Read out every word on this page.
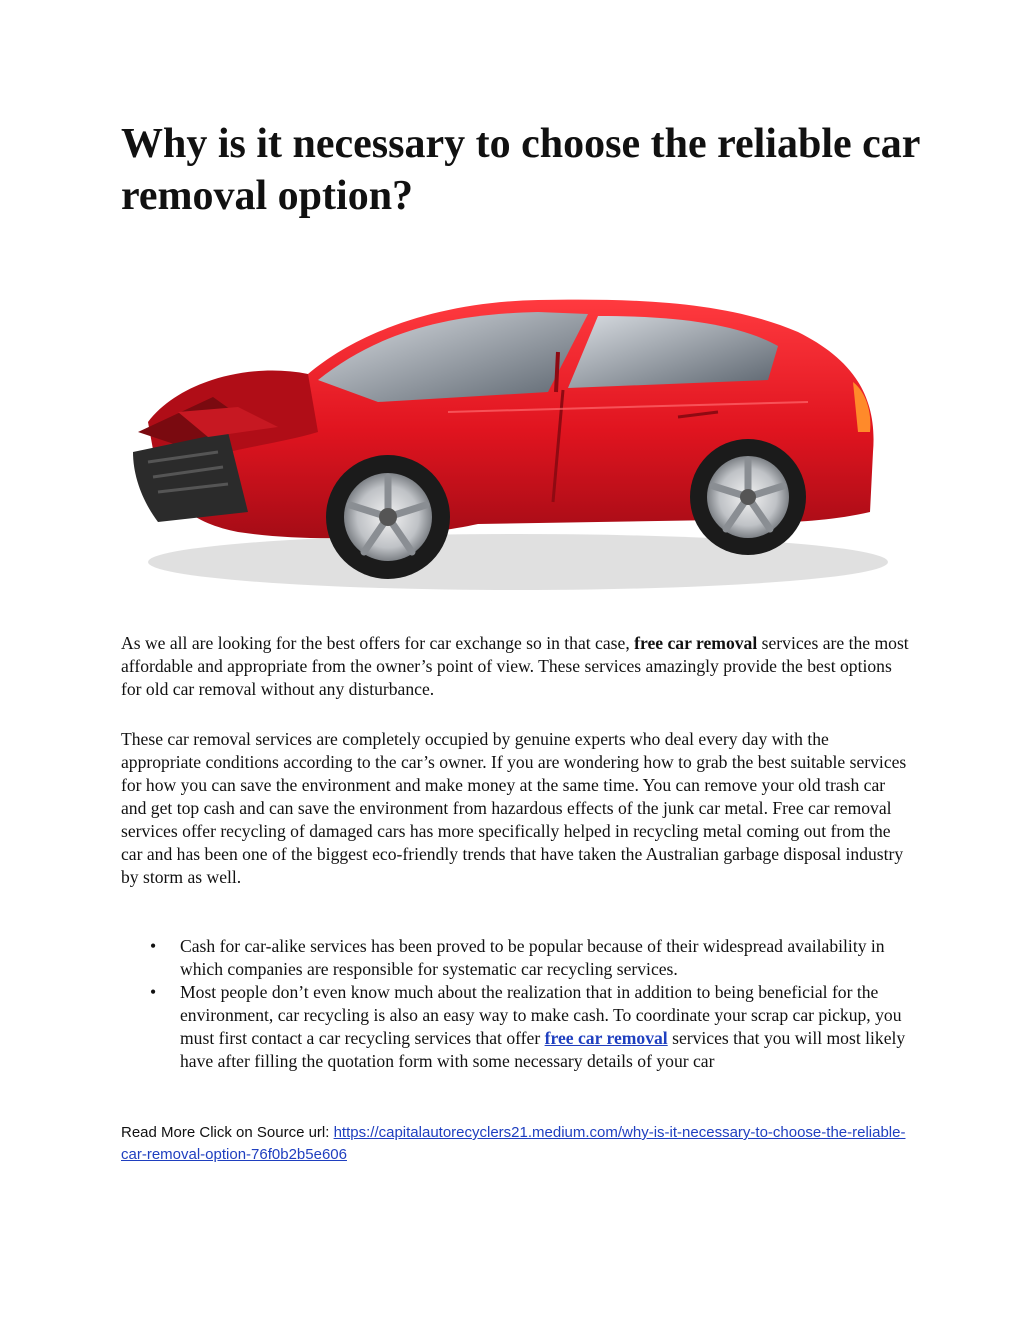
Why is it necessary to choose the reliable car removal option?

As we all are looking for the best offers for car exchange so in that case, free car removal services are the most affordable and appropriate from the owner’s point of view. These services amazingly provide the best options for old car removal without any disturbance.

These car removal services are completely occupied by genuine experts who deal every day with the appropriate conditions according to the car’s owner. If you are wondering how to grab the best suitable services for how you can save the environment and make money at the same time. You can remove your old trash car and get top cash and can save the environment from hazardous effects of the junk car metal. Free car removal services offer recycling of damaged cars has more specifically helped in recycling metal coming out from the car and has been one of the biggest eco-friendly trends that have taken the Australian garbage disposal industry by storm as well.

• Cash for car-alike services has been proved to be popular because of their widespread availability in which companies are responsible for systematic car recycling services.
• Most people don’t even know much about the realization that in addition to being beneficial for the environment, car recycling is also an easy way to make cash. To coordinate your scrap car pickup, you must first contact a car recycling services that offer free car removal services that you will most likely have after filling the quotation form with some necessary details of your car

Read More Click on Source url: https://capitalautorecyclers21.medium.com/why-is-it-necessary-to-choose-the-reliable-car-removal-option-76f0b2b5e606
